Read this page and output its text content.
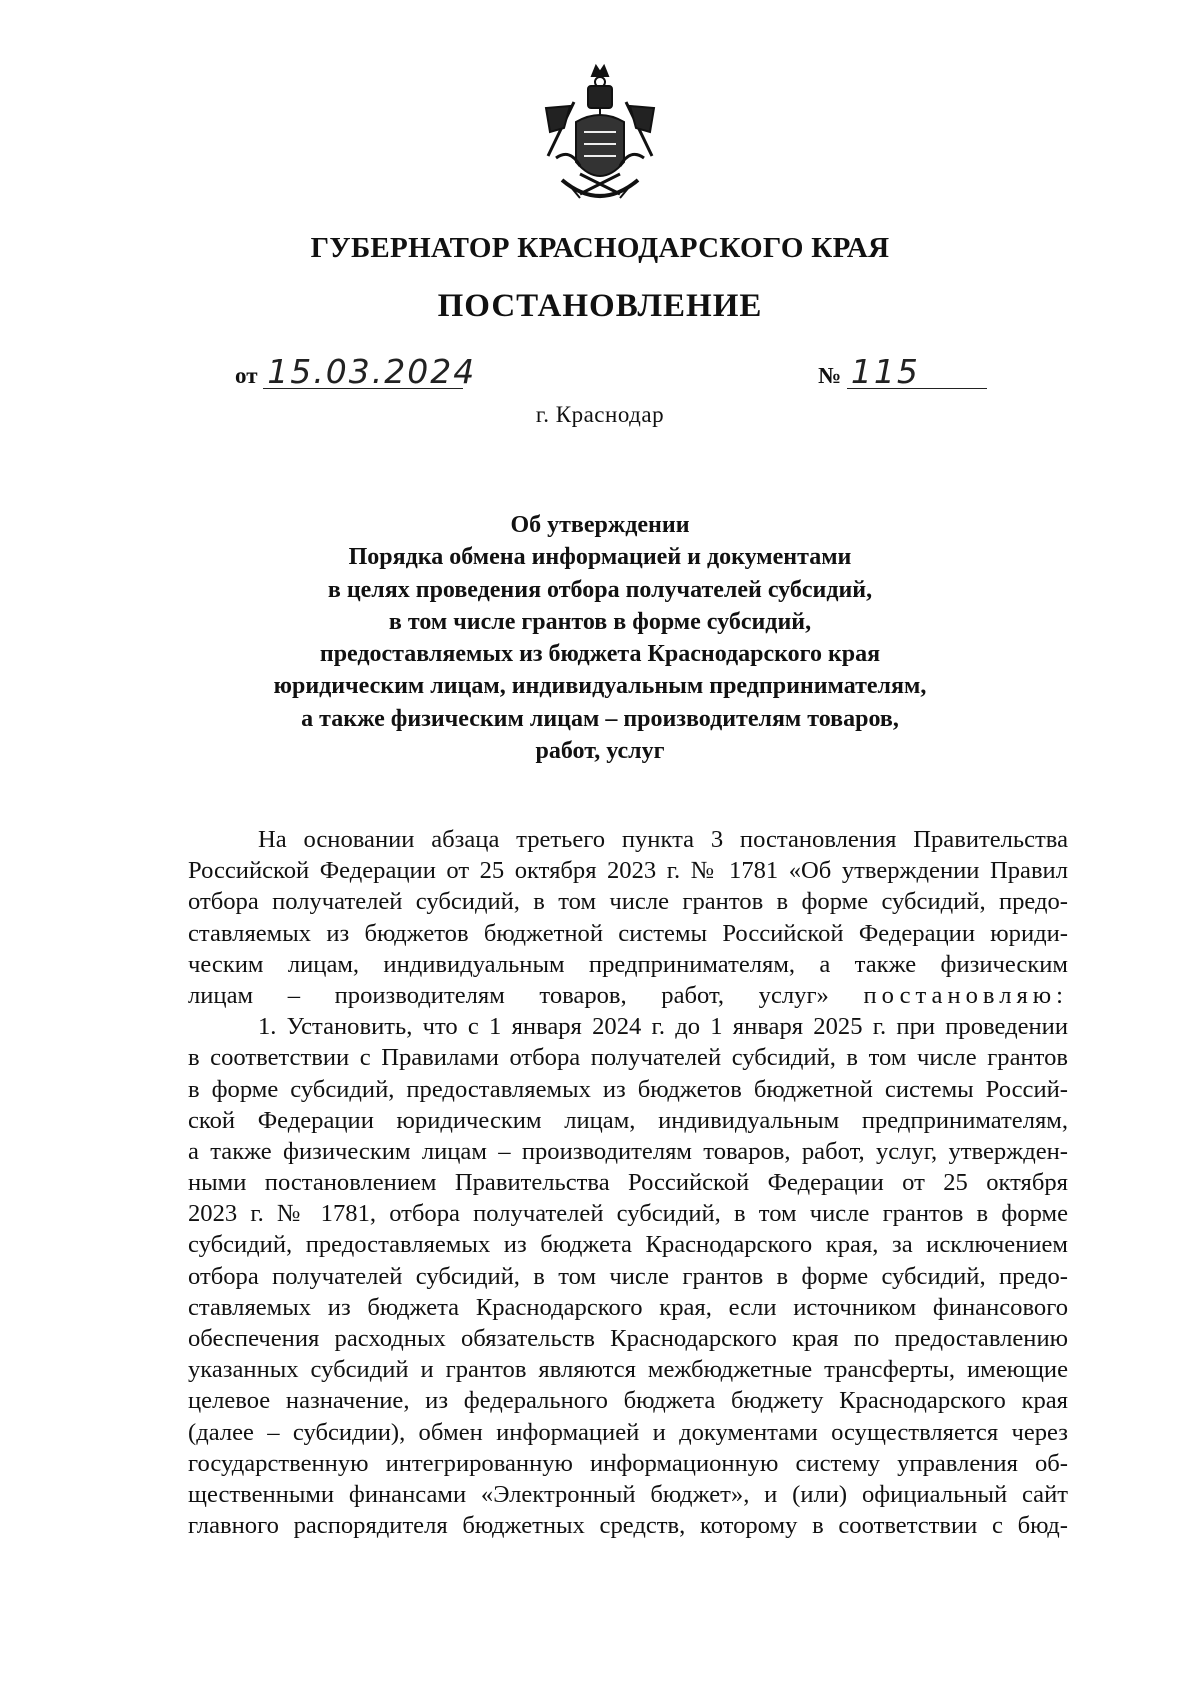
ГУБЕРНАТОР КРАСНОДАРСКОГО КРАЯ
ПОСТАНОВЛЕНИЕ
от 15.03.2024	№ 115
г. Краснодар
Об утверждении
Порядка обмена информацией и документами
в целях проведения отбора получателей субсидий,
в том числе грантов в форме субсидий,
предоставляемых из бюджета Краснодарского края
юридическим лицам, индивидуальным предпринимателям,
а также физическим лицам – производителям товаров,
работ, услуг
На основании абзаца третьего пункта 3 постановления Правительства
Российской Федерации от 25 октября 2023 г. № 1781 «Об утверждении Правил
отбора получателей субсидий, в том числе грантов в форме субсидий, предо-
ставляемых из бюджетов бюджетной системы Российской Федерации юриди-
ческим лицам, индивидуальным предпринимателям, а также физическим
лицам – производителям товаров, работ, услуг» постановляю:
1. Установить, что с 1 января 2024 г. до 1 января 2025 г. при проведении
в соответствии с Правилами отбора получателей субсидий, в том числе грантов
в форме субсидий, предоставляемых из бюджетов бюджетной системы Россий-
ской Федерации юридическим лицам, индивидуальным предпринимателям,
а также физическим лицам – производителям товаров, работ, услуг, утвержден-
ными постановлением Правительства Российской Федерации от 25 октября
2023 г. № 1781, отбора получателей субсидий, в том числе грантов в форме
субсидий, предоставляемых из бюджета Краснодарского края, за исключением
отбора получателей субсидий, в том числе грантов в форме субсидий, предо-
ставляемых из бюджета Краснодарского края, если источником финансового
обеспечения расходных обязательств Краснодарского края по предоставлению
указанных субсидий и грантов являются межбюджетные трансферты, имеющие
целевое назначение, из федерального бюджета бюджету Краснодарского края
(далее – субсидии), обмен информацией и документами осуществляется через
государственную интегрированную информационную систему управления об-
щественными финансами «Электронный бюджет», и (или) официальный сайт
главного распорядителя бюджетных средств, которому в соответствии с бюд-
